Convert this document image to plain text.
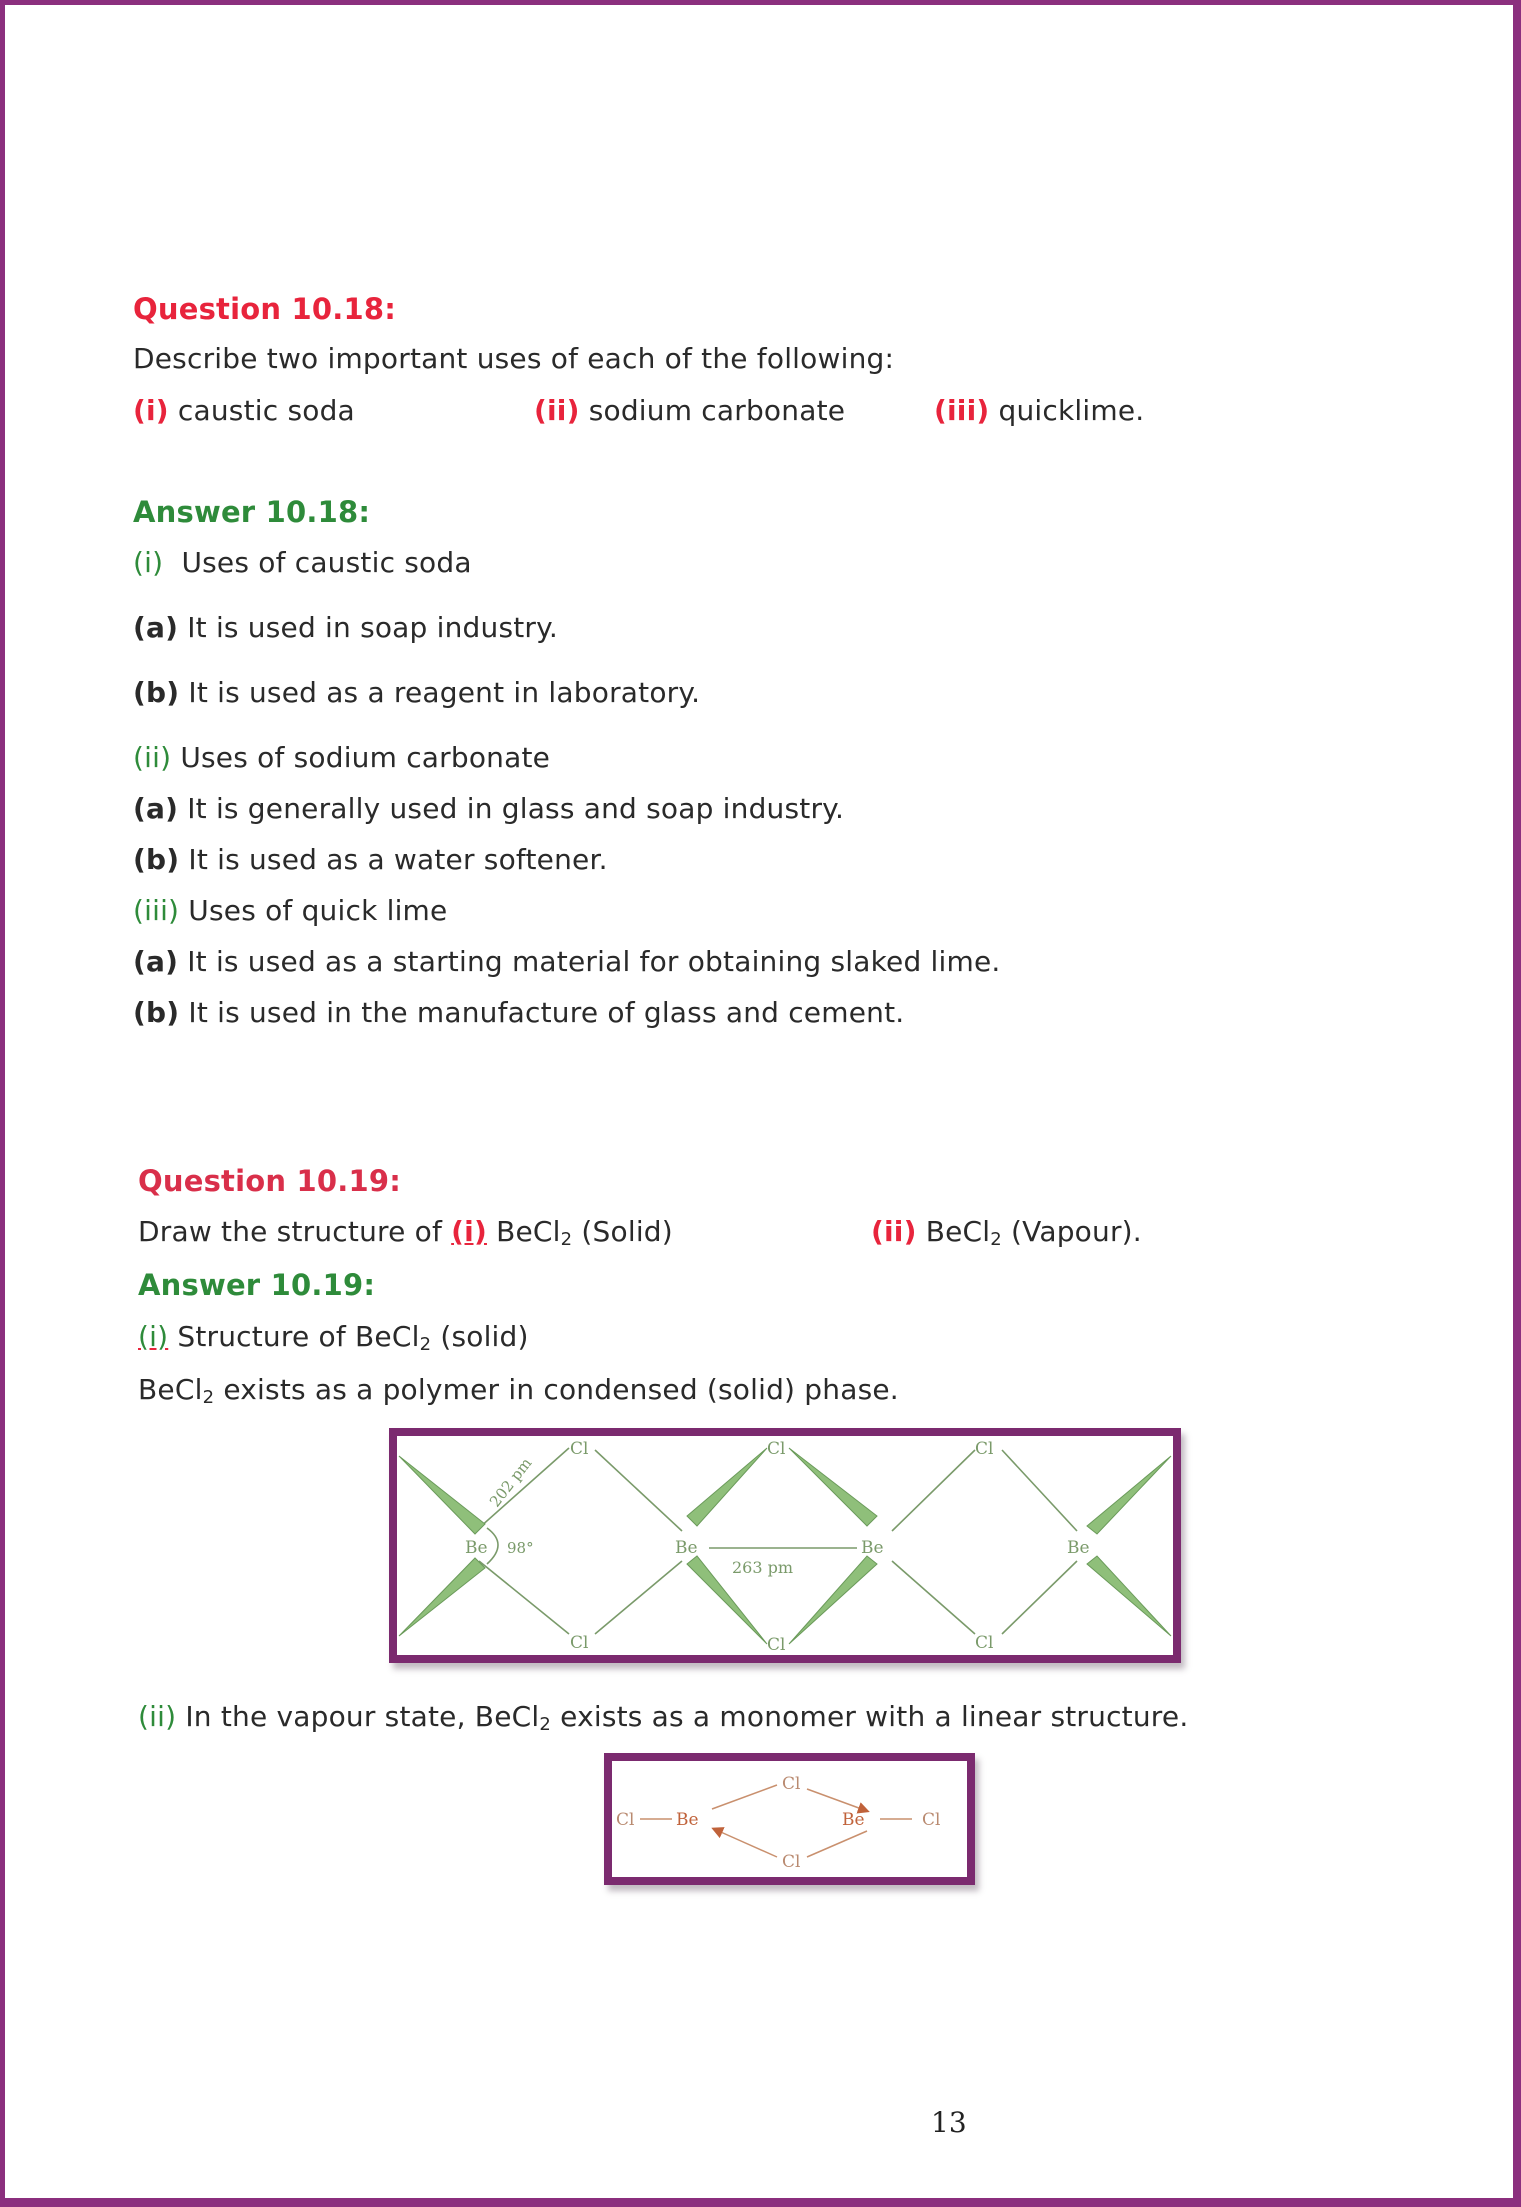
Question 10.18:
Describe two important uses of each of the following:
(i) caustic soda	(ii) sodium carbonate	(iii) quicklime.
Answer 10.18:
(i) Uses of caustic soda
(a) It is used in soap industry.
(b) It is used as a reagent in laboratory.
(ii) Uses of sodium carbonate
(a) It is generally used in glass and soap industry.
(b) It is used as a water softener.
(iii) Uses of quick lime
(a) It is used as a starting material for obtaining slaked lime.
(b) It is used in the manufacture of glass and cement.
Question 10.19:
Draw the structure of (i) BeCl$_2$ (Solid)	(ii) BeCl$_2$ (Vapour).
Answer 10.19:
(i) Structure of BeCl$_2$ (solid)
BeCl$_2$ exists as a polymer in condensed (solid) phase.
Be	Be	Be	Be
Cl	Cl	Cl
Cl	Cl	Cl
98°
263 pm
202 pm
(ii) In the vapour state, BeCl$_2$ exists as a monomer with a linear structure.
Cl Be
Cl
Cl
Be	Cl
13
